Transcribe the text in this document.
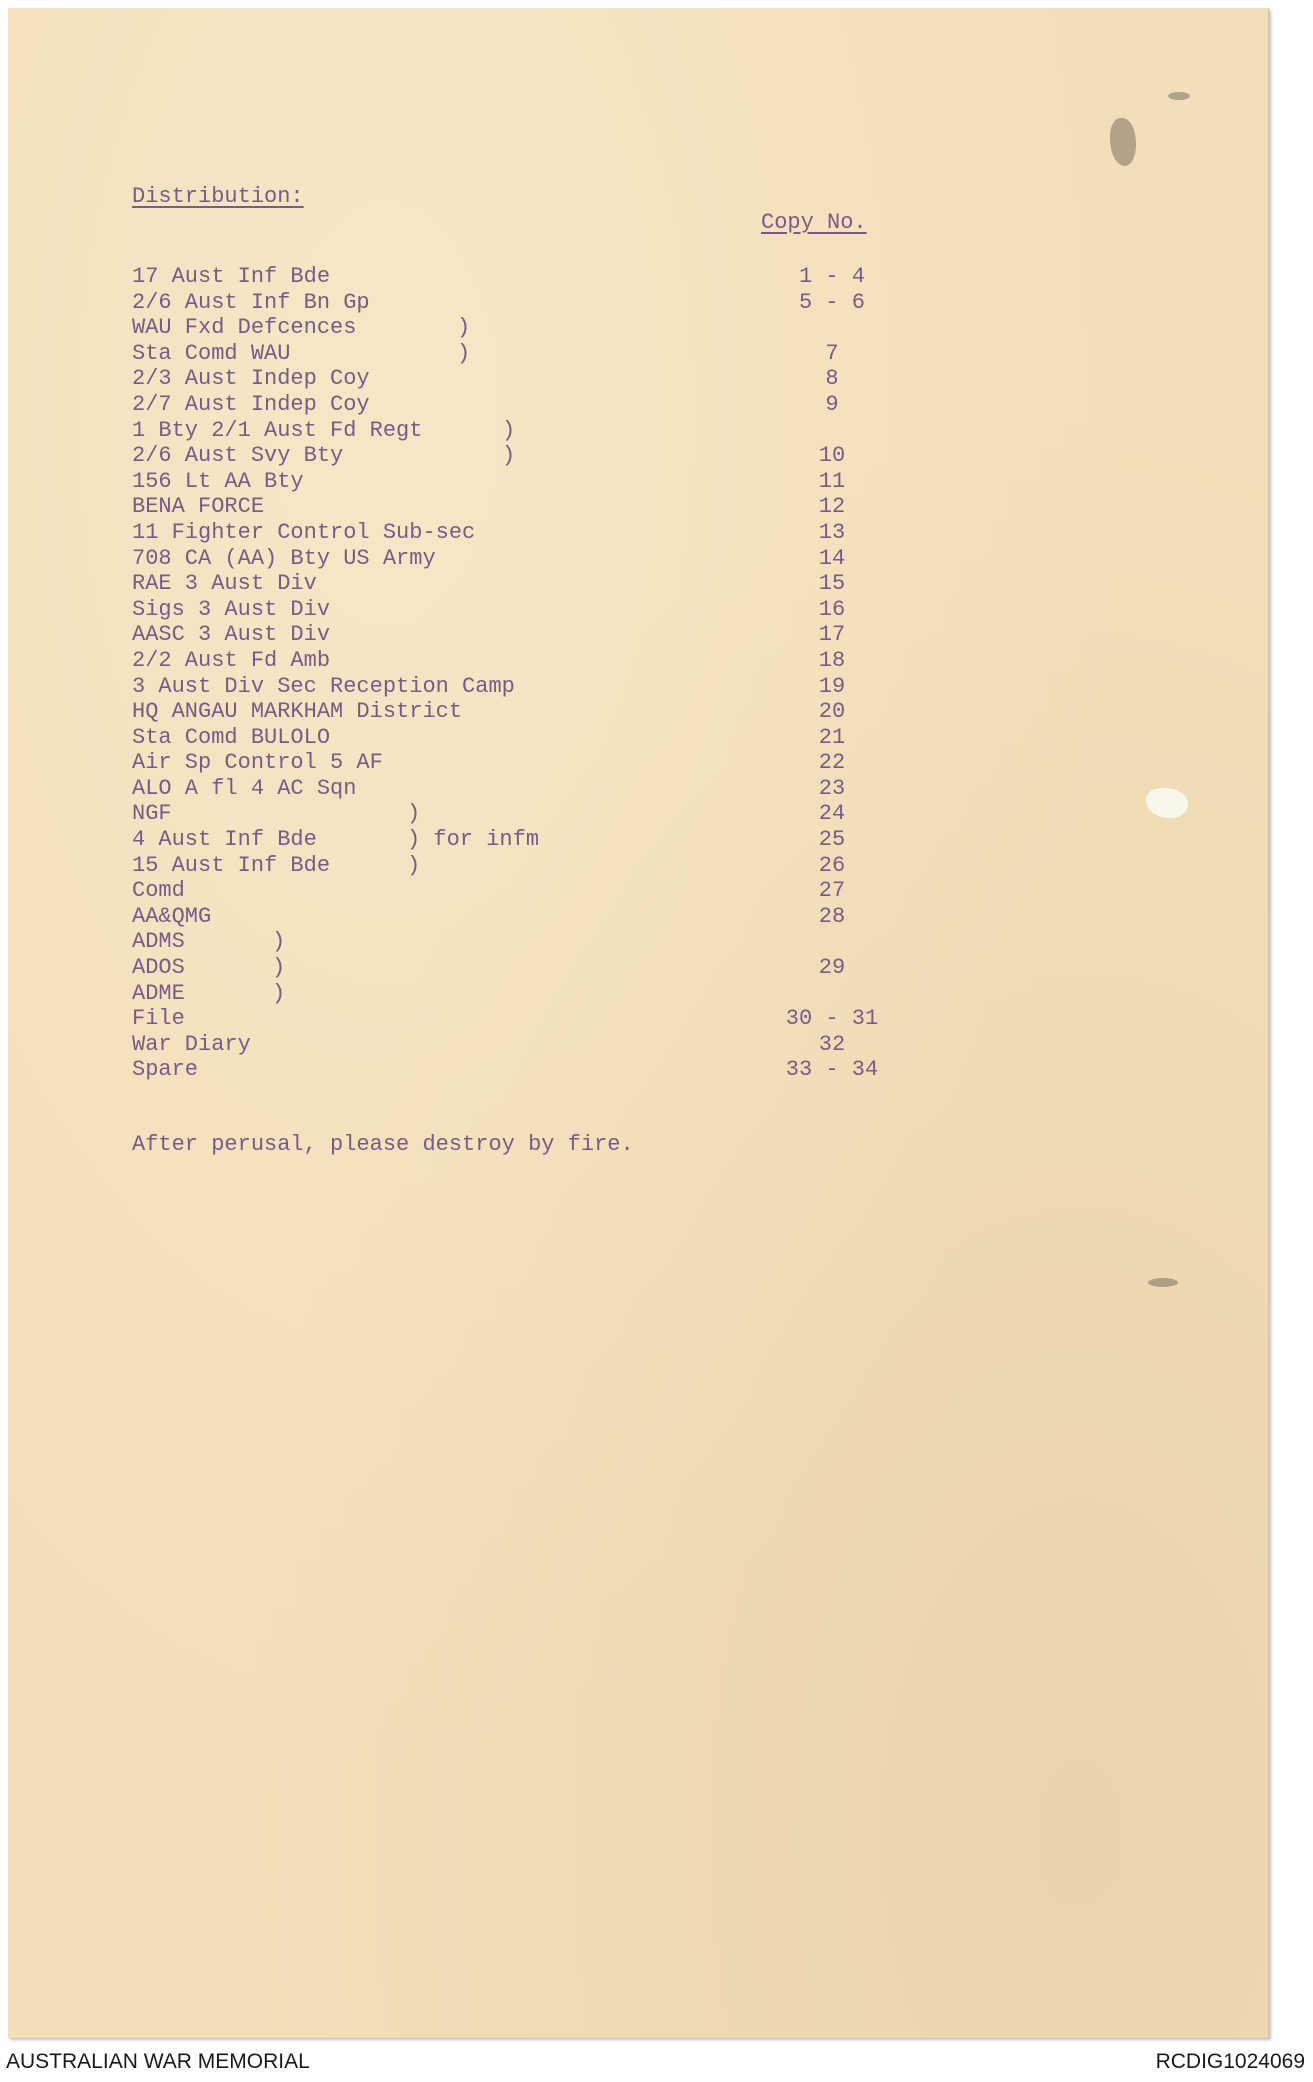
Distribution:
Copy No.
17 Aust Inf Bde	1 - 4
2/6 Aust Inf Bn Gp	5 - 6
WAU Fxd Defcences	)
Sta Comd WAU	)	7
2/3 Aust Indep Coy	8
2/7 Aust Indep Coy	9
1 Bty 2/1 Aust Fd Regt	)
2/6 Aust Svy Bty	)	10
156 Lt AA Bty	11
BENA FORCE	12
11 Fighter Control Sub-sec	13
708 CA (AA) Bty US Army	14
RAE 3 Aust Div	15
Sigs 3 Aust Div	16
AASC 3 Aust Div	17
2/2 Aust Fd Amb	18
3 Aust Div Sec Reception Camp	19
HQ ANGAU MARKHAM District	20
Sta Comd BULOLO	21
Air Sp Control 5 AF	22
ALO A fl 4 AC Sqn	23
NGF	)	24
4 Aust Inf Bde	) for infm	25
15 Aust Inf Bde	)	26
Comd	27
AA&QMG	28
ADMS	)
ADOS	)	29
ADME	)
File	30 - 31
War Diary	32
Spare	33 - 34
After perusal, please destroy by fire.
AUSTRALIAN WAR MEMORIAL	RCDIG1024069
